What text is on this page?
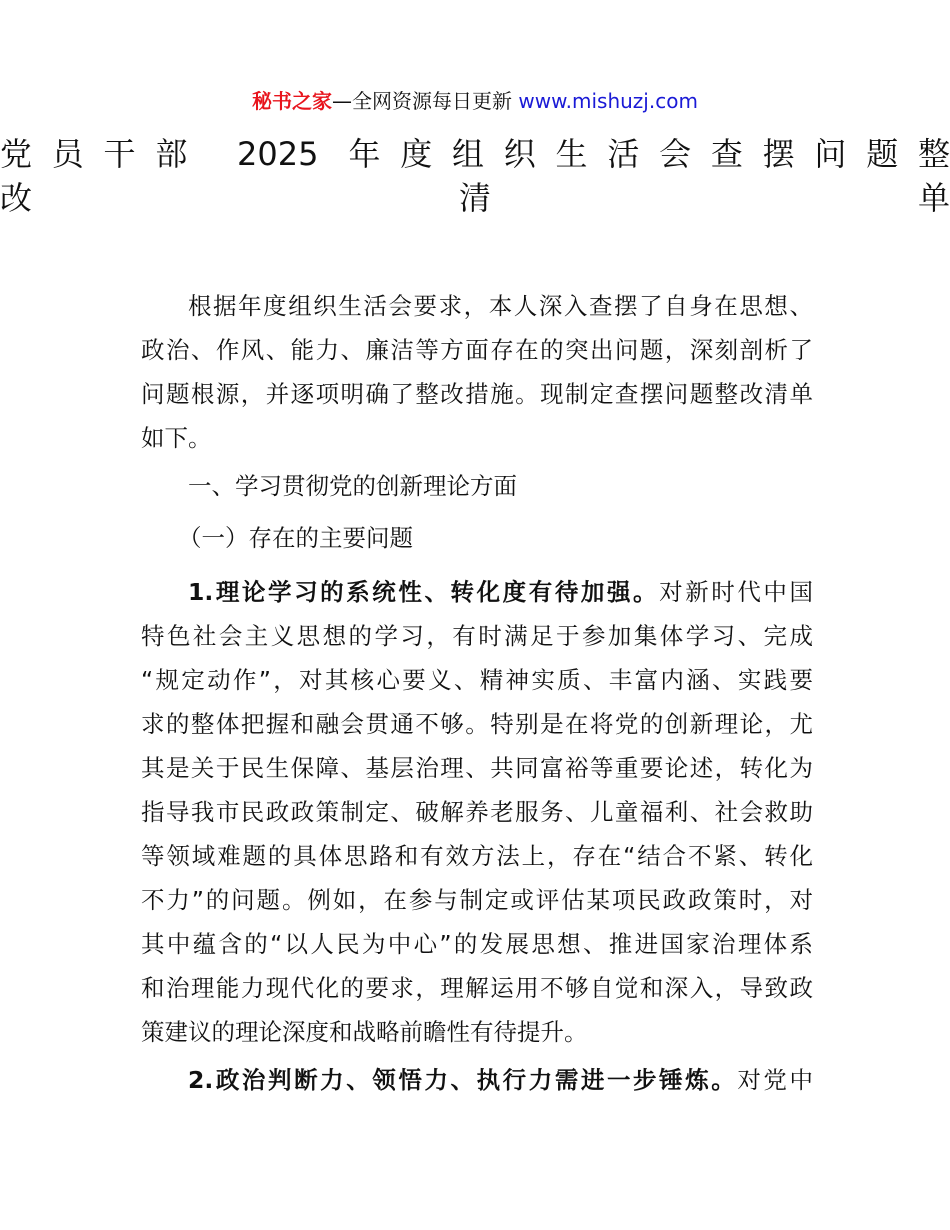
秘书之家—全网资源每日更新 www.mishuzj.com
党员干部 2025 年度组织生活会查摆问题整
改清单
根据年度组织生活会要求，本人深入查摆了自身在思想、
政治、作风、能力、廉洁等方面存在的突出问题，深刻剖析了
问题根源，并逐项明确了整改措施。现制定查摆问题整改清单
如下。
一、学习贯彻党的创新理论方面
（一）存在的主要问题
1.理论学习的系统性、转化度有待加强。对新时代中国
特色社会主义思想的学习，有时满足于参加集体学习、完成
“规定动作”，对其核心要义、精神实质、丰富内涵、实践要
求的整体把握和融会贯通不够。特别是在将党的创新理论，尤
其是关于民生保障、基层治理、共同富裕等重要论述，转化为
指导我市民政政策制定、破解养老服务、儿童福利、社会救助
等领域难题的具体思路和有效方法上，存在“结合不紧、转化
不力”的问题。例如，在参与制定或评估某项民政政策时，对
其中蕴含的“以人民为中心”的发展思想、推进国家治理体系
和治理能力现代化的要求，理解运用不够自觉和深入，导致政
策建议的理论深度和战略前瞻性有待提升。
2.政治判断力、领悟力、执行力需进一步锤炼。对党中
